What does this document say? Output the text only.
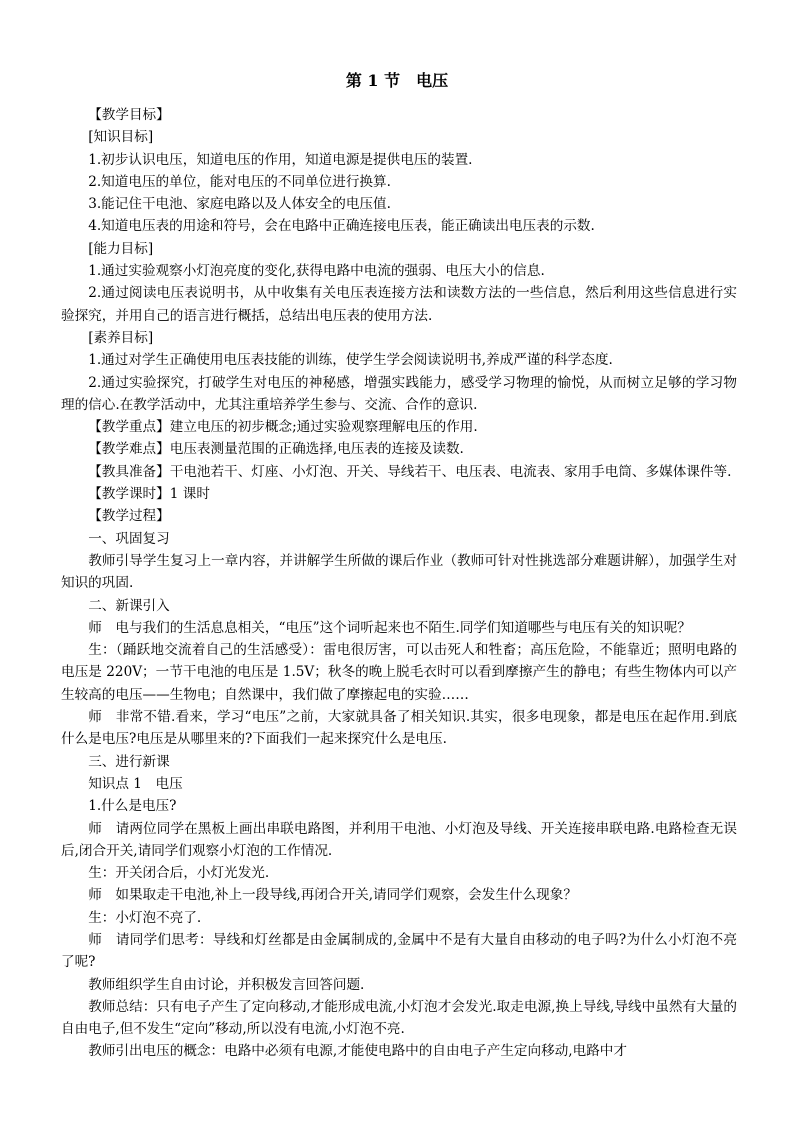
第 1 节　电压

【教学目标】

[知识目标]

1.初步认识电压，知道电压的作用，知道电源是提供电压的装置.

2.知道电压的单位，能对电压的不同单位进行换算.

3.能记住干电池、家庭电路以及人体安全的电压值.

4.知道电压表的用途和符号，会在电路中正确连接电压表，能正确读出电压表的示数.

[能力目标]

1.通过实验观察小灯泡亮度的变化,获得电路中电流的强弱、电压大小的信息.

2.通过阅读电压表说明书，从中收集有关电压表连接方法和读数方法的一些信息，然后利用这些信息进行实验探究，并用自己的语言进行概括，总结出电压表的使用方法.

[素养目标]

1.通过对学生正确使用电压表技能的训练，使学生学会阅读说明书,养成严谨的科学态度.

2.通过实验探究，打破学生对电压的神秘感，增强实践能力，感受学习物理的愉悦，从而树立足够的学习物理的信心.在教学活动中，尤其注重培养学生参与、交流、合作的意识.

【教学重点】建立电压的初步概念;通过实验观察理解电压的作用.

【教学难点】电压表测量范围的正确选择,电压表的连接及读数.

【教具准备】干电池若干、灯座、小灯泡、开关、导线若干、电压表、电流表、家用手电筒、多媒体课件等.

【教学课时】1 课时

【教学过程】

一、巩固复习

教师引导学生复习上一章内容，并讲解学生所做的课后作业（教师可针对性挑选部分难题讲解），加强学生对知识的巩固.

二、新课引入

师　电与我们的生活息息相关，“电压”这个词听起来也不陌生.同学们知道哪些与电压有关的知识呢？

生：（踊跃地交流着自己的生活感受）：雷电很厉害，可以击死人和牲畜；高压危险，不能靠近；照明电路的电压是 220V；一节干电池的电压是 1.5V；秋冬的晚上脱毛衣时可以看到摩擦产生的静电；有些生物体内可以产生较高的电压——生物电；自然课中，我们做了摩擦起电的实验……

师　非常不错.看来，学习“电压”之前，大家就具备了相关知识.其实，很多电现象，都是电压在起作用.到底什么是电压?电压是从哪里来的?下面我们一起来探究什么是电压.

三、进行新课

知识点 1　电压

1.什么是电压?

师　请两位同学在黑板上画出串联电路图，并利用干电池、小灯泡及导线、开关连接串联电路.电路检查无误后,闭合开关,请同学们观察小灯泡的工作情况.

生：开关闭合后，小灯光发光.

师　如果取走干电池,补上一段导线,再闭合开关,请同学们观察，会发生什么现象？

生：小灯泡不亮了.

师　请同学们思考：导线和灯丝都是由金属制成的,金属中不是有大量自由移动的电子吗?为什么小灯泡不亮了呢?

教师组织学生自由讨论，并积极发言回答问题.

教师总结：只有电子产生了定向移动,才能形成电流,小灯泡才会发光.取走电源,换上导线,导线中虽然有大量的自由电子,但不发生“定向”移动,所以没有电流,小灯泡不亮.

教师引出电压的概念：电路中必须有电源,才能使电路中的自由电子产生定向移动,电路中才
